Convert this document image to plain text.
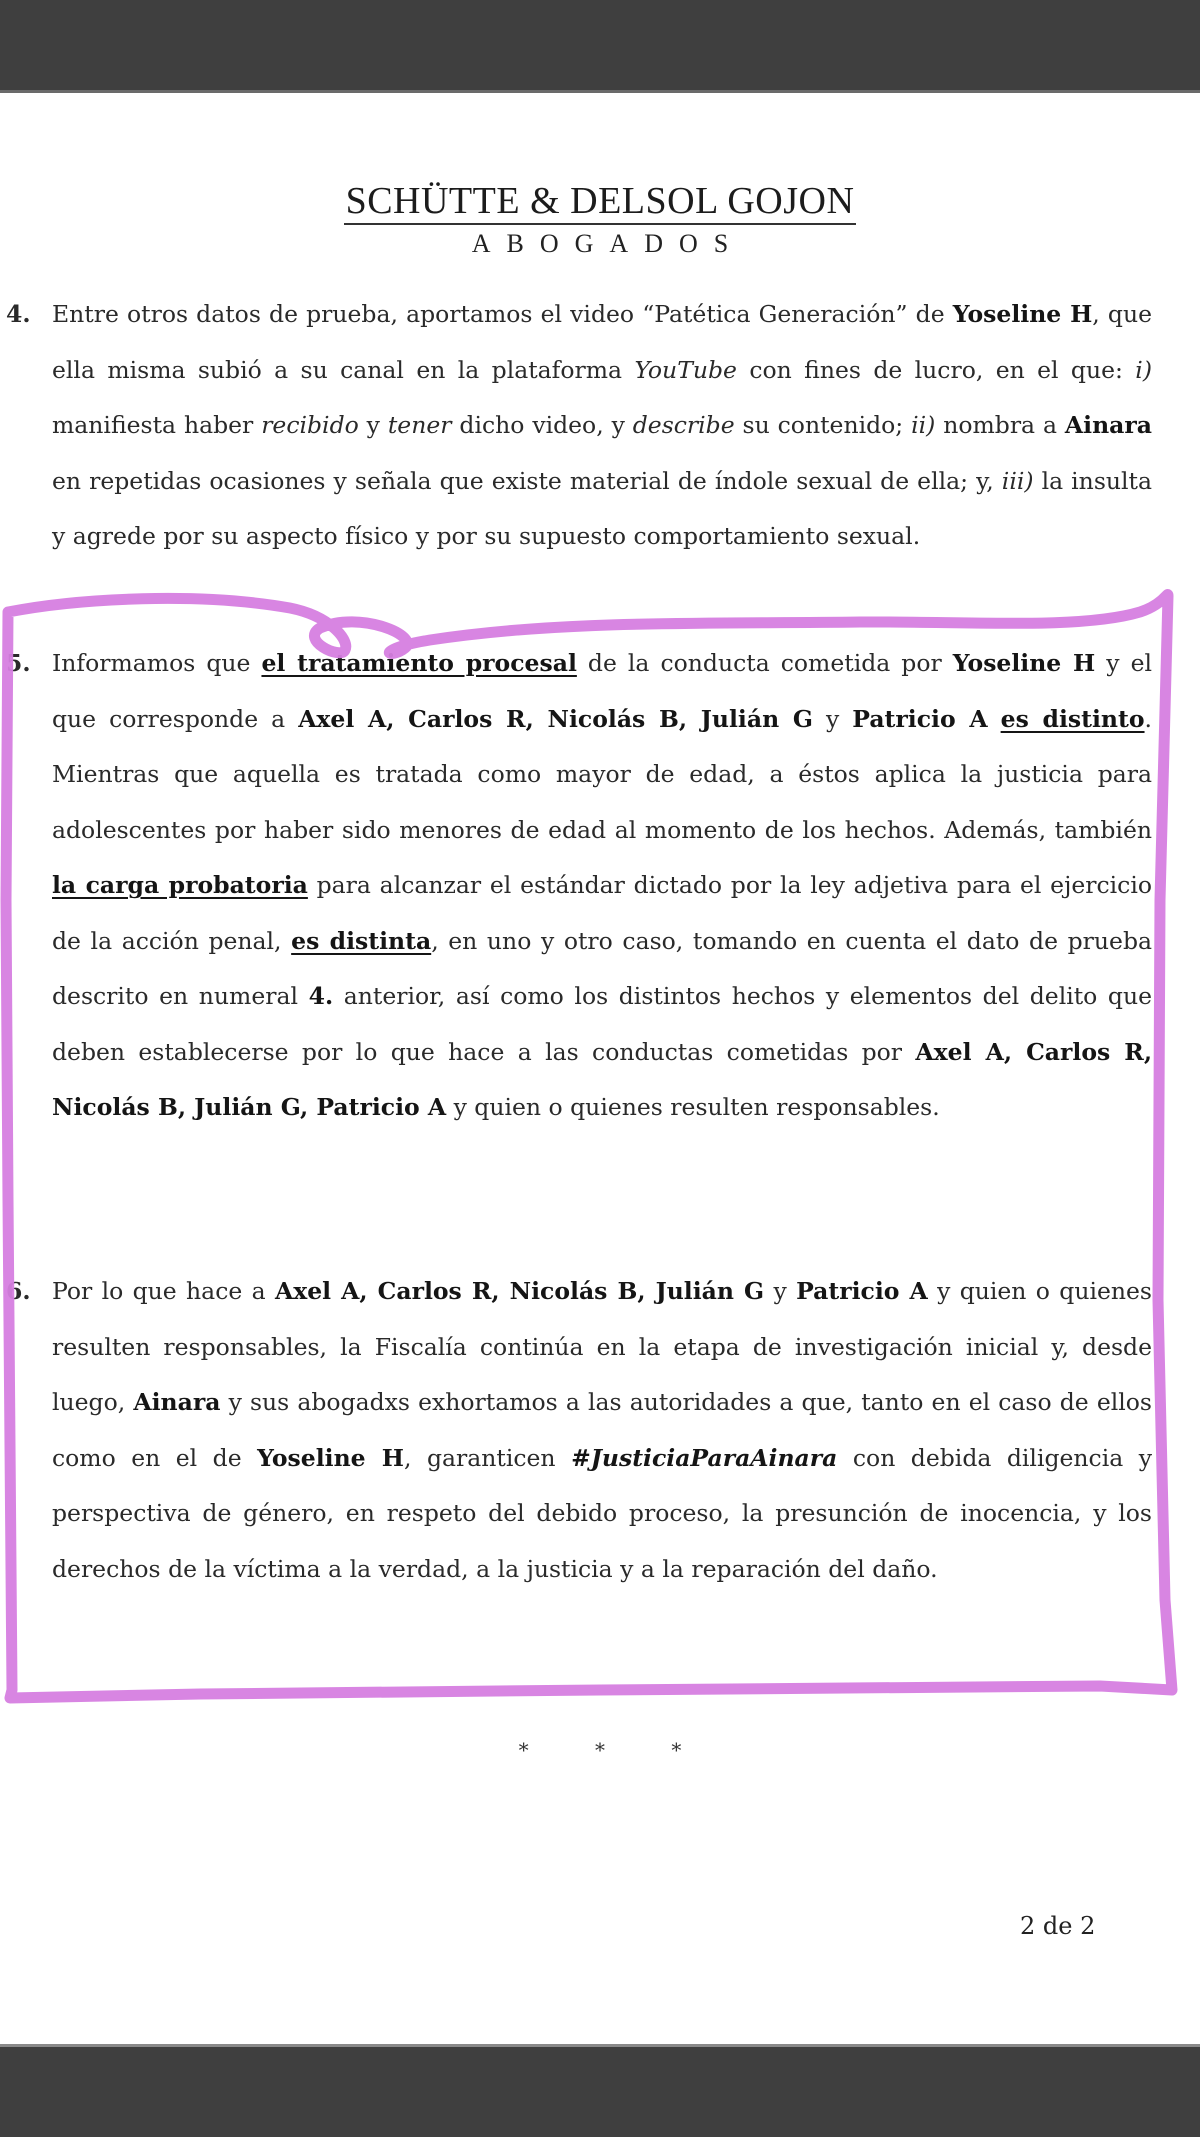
SCHÜTTE & DELSOL GOJON
ABOGADOS
4. Entre otros datos de prueba, aportamos el video “Patética Generación” de Yoseline H, que ella misma subió a su canal en la plataforma YouTube con fines de lucro, en el que: i) manifiesta haber recibido y tener dicho video, y describe su contenido; ii) nombra a Ainara en repetidas ocasiones y señala que existe material de índole sexual de ella; y, iii) la insulta y agrede por su aspecto físico y por su supuesto comportamiento sexual.
5. Informamos que el tratamiento procesal de la conducta cometida por Yoseline H y el que corresponde a Axel A, Carlos R, Nicolás B, Julián G y Patricio A es distinto. Mientras que aquella es tratada como mayor de edad, a éstos aplica la justicia para adolescentes por haber sido menores de edad al momento de los hechos. Además, también la carga probatoria para alcanzar el estándar dictado por la ley adjetiva para el ejercicio de la acción penal, es distinta, en uno y otro caso, tomando en cuenta el dato de prueba descrito en numeral 4. anterior, así como los distintos hechos y elementos del delito que deben establecerse por lo que hace a las conductas cometidas por Axel A, Carlos R, Nicolás B, Julián G, Patricio A y quien o quienes resulten responsables.
6. Por lo que hace a Axel A, Carlos R, Nicolás B, Julián G y Patricio A y quien o quienes resulten responsables, la Fiscalía continúa en la etapa de investigación inicial y, desde luego, Ainara y sus abogadxs exhortamos a las autoridades a que, tanto en el caso de ellos como en el de Yoseline H, garanticen #JusticiaParaAinara con debida diligencia y perspectiva de género, en respeto del debido proceso, la presunción de inocencia, y los derechos de la víctima a la verdad, a la justicia y a la reparación del daño.
* * *
2 de 2
